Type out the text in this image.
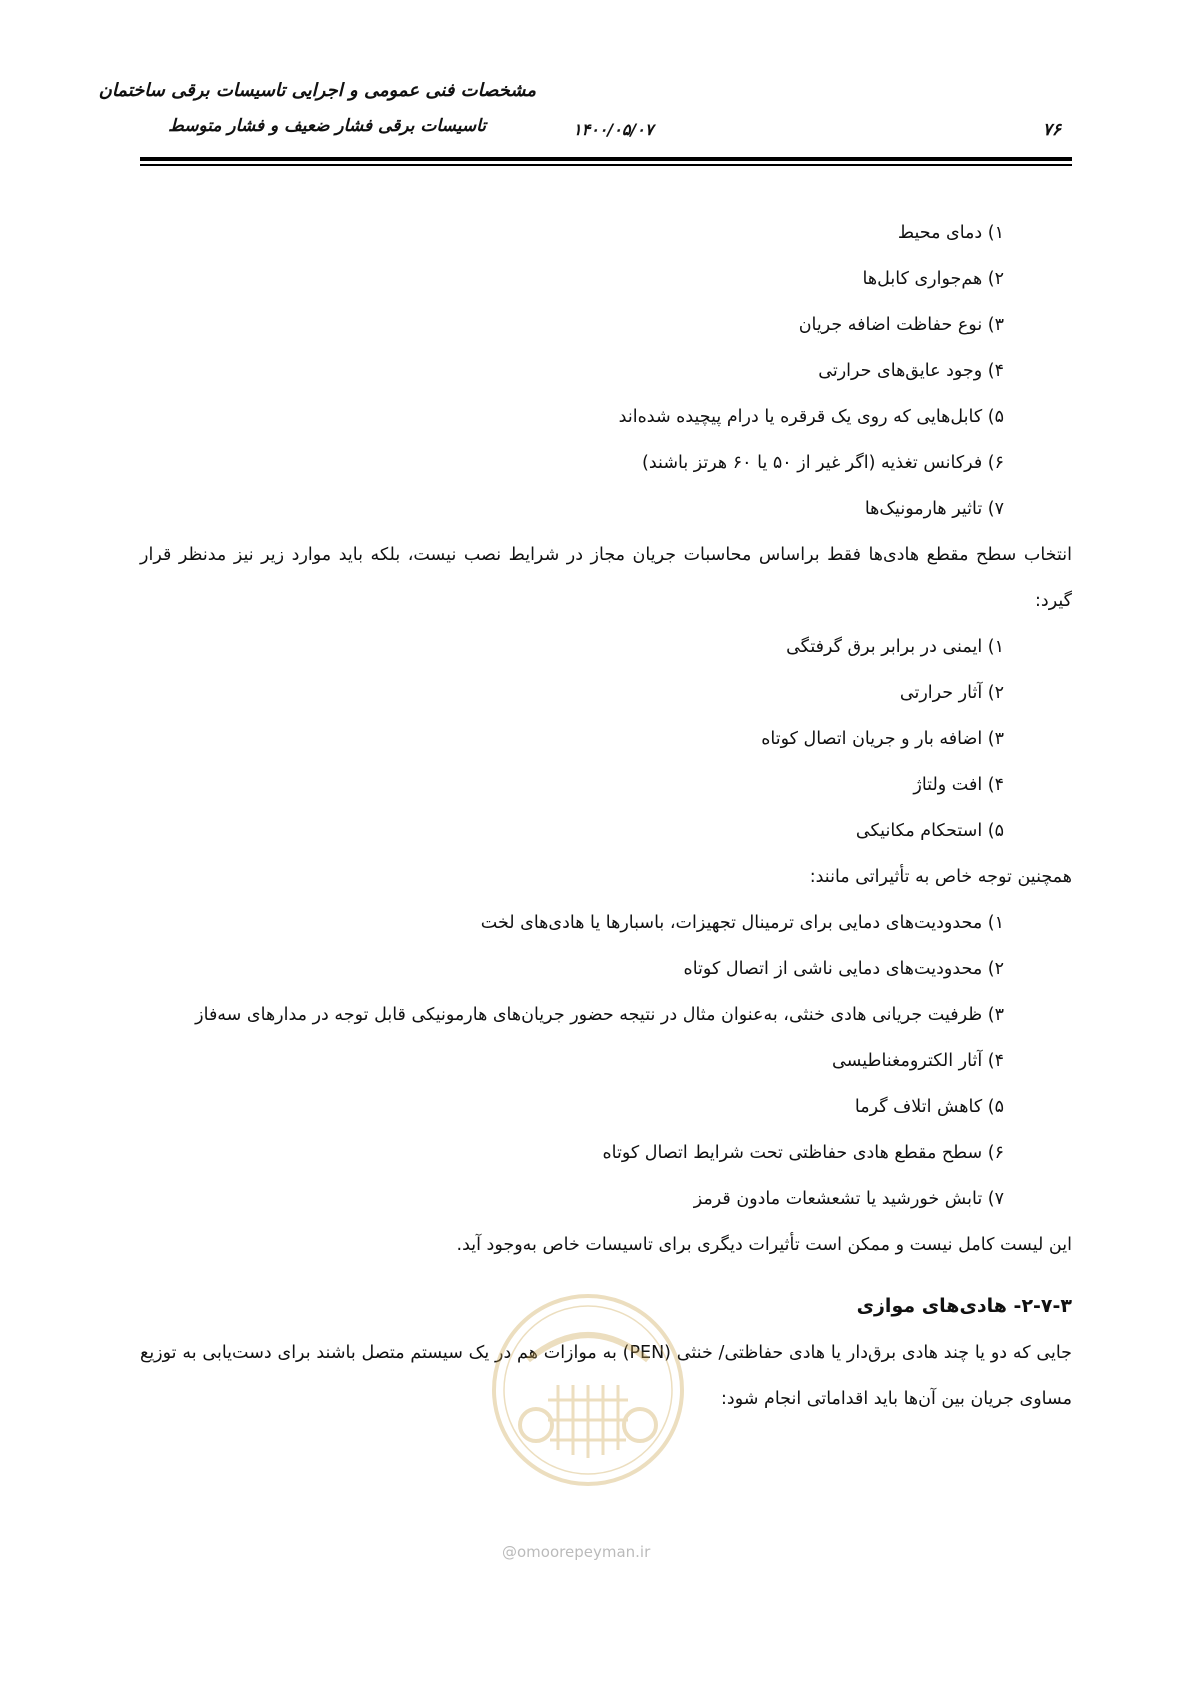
مشخصات فنی عمومی و اجرایی تاسیسات برقی ساختمان
تاسیسات برقی فشار ضعیف و فشار متوسط	۱۴۰۰/۰۵/۰۷	۷۶
۱) دمای محیط
۲) هم‌جواری کابل‌ها
۳) نوع حفاظت اضافه جریان
۴) وجود عایق‌های حرارتی
۵) کابل‌هایی که روی یک قرقره یا درام پیچیده شده‌اند
۶) فرکانس تغذیه (اگر غیر از ۵۰ یا ۶۰ هرتز باشند)
۷) تاثیر هارمونیک‌ها
انتخاب سطح مقطع هادی‌ها فقط براساس محاسبات جریان مجاز در شرایط نصب نیست، بلکه باید موارد زیر نیز مدنظر قرار گیرد:
۱) ایمنی در برابر برق گرفتگی
۲) آثار حرارتی
۳) اضافه بار و جریان اتصال کوتاه
۴) افت ولتاژ
۵) استحکام مکانیکی
همچنین توجه خاص به تأثیراتی مانند:
۱) محدودیت‌های دمایی برای ترمینال تجهیزات، باسبارها یا هادی‌های لخت
۲) محدودیت‌های دمایی ناشی از اتصال کوتاه
۳) ظرفیت جریانی هادی خنثی، به‌عنوان مثال در نتیجه حضور جریان‌های هارمونیکی قابل توجه در مدارهای سه‌فاز
۴) آثار الکترومغناطیسی
۵) کاهش اتلاف گرما
۶) سطح مقطع هادی حفاظتی تحت شرایط اتصال کوتاه
۷) تابش خورشید یا تشعشعات مادون قرمز
این لیست کامل نیست و ممکن است تأثیرات دیگری برای تاسیسات خاص به‌وجود آید.
۲-۷-۳- هادی‌های موازی
جایی که دو یا چند هادی برق‌دار یا هادی حفاظتی/ خنثی (PEN) به موازات هم در یک سیستم متصل باشند برای دست‌یابی به توزیع مساوی جریان بین آن‌ها باید اقداماتی انجام شود:
@omoorepeyman.ir
